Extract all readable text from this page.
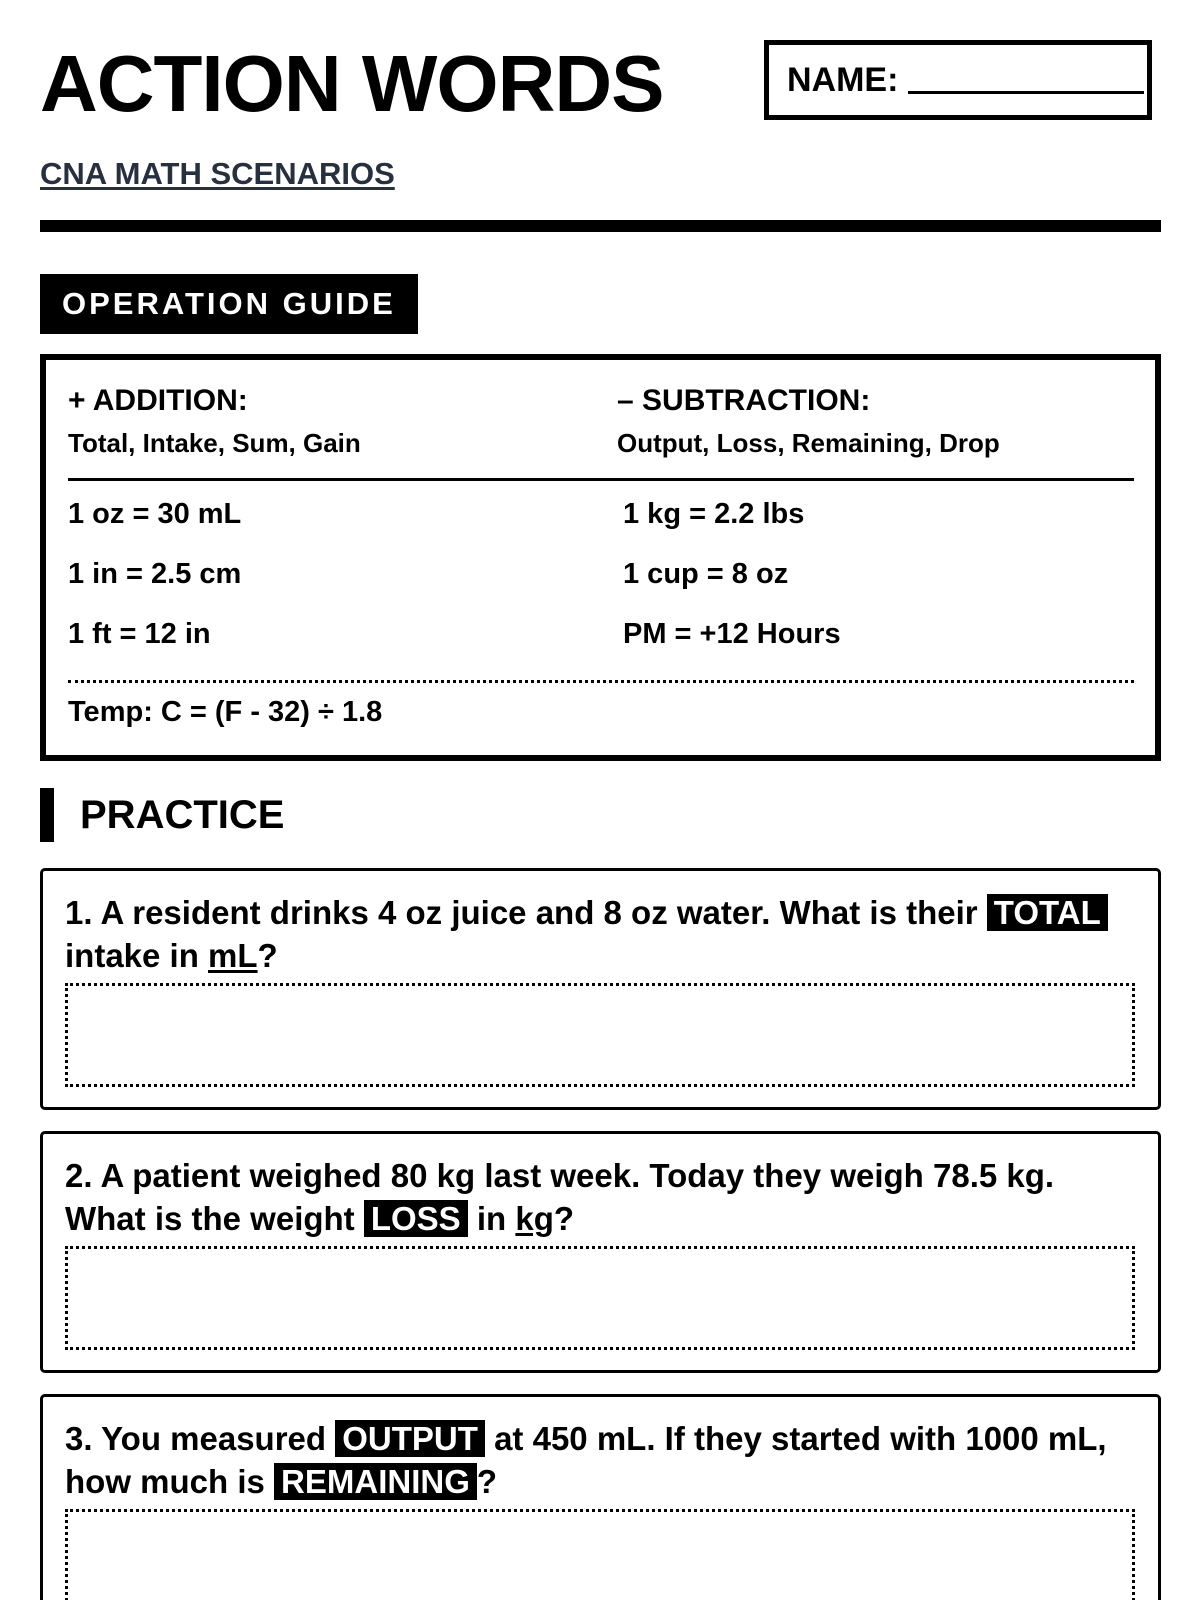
ACTION WORDS	NAME:
CNA MATH SCENARIOS
OPERATION GUIDE
+ ADDITION:
Total, Intake, Sum, Gain
– SUBTRACTION:
Output, Loss, Remaining, Drop
1 oz = 30 mL
1 in = 2.5 cm
1 ft = 12 in
1 kg = 2.2 lbs
1 cup = 8 oz
PM = +12 Hours
Temp: C = (F - 32) ÷ 1.8
PRACTICE
1. A resident drinks 4 oz juice and 8 oz water. What is their TOTAL intake in mL?
2. A patient weighed 80 kg last week. Today they weigh 78.5 kg. What is the weight LOSS in kg?
3. You measured OUTPUT at 450 mL. If they started with 1000 mL, how much is REMAINING ?
